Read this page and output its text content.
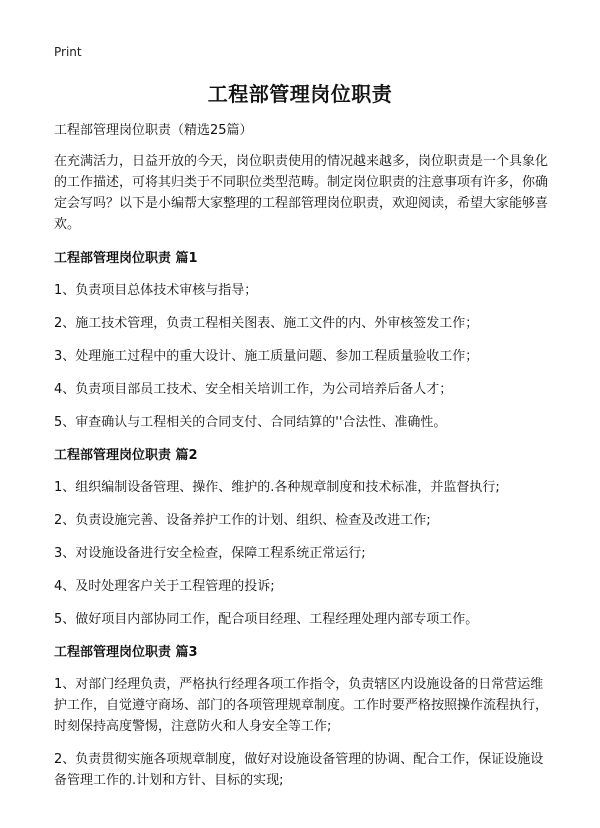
Print
工程部管理岗位职责
工程部管理岗位职责（精选25篇）
在充满活力，日益开放的今天，岗位职责使用的情况越来越多，岗位职责是一个具象化的工作描述，可将其归类于不同职位类型范畴。制定岗位职责的注意事项有许多，你确定会写吗？以下是小编帮大家整理的工程部管理岗位职责，欢迎阅读，希望大家能够喜欢。
工程部管理岗位职责 篇1
1、负责项目总体技术审核与指导；
2、施工技术管理，负责工程相关图表、施工文件的内、外审核签发工作；
3、处理施工过程中的重大设计、施工质量问题、参加工程质量验收工作；
4、负责项目部员工技术、安全相关培训工作，为公司培养后备人才；
5、审查确认与工程相关的合同支付、合同结算的''合法性、准确性。
工程部管理岗位职责 篇2
1、组织编制设备管理、操作、维护的.各种规章制度和技术标准，并监督执行;
2、负责设施完善、设备养护工作的计划、组织、检查及改进工作;
3、对设施设备进行安全检查，保障工程系统正常运行;
4、及时处理客户关于工程管理的投诉;
5、做好项目内部协同工作，配合项目经理、工程经理处理内部专项工作。
工程部管理岗位职责 篇3
1、对部门经理负责，严格执行经理各项工作指令，负责辖区内设施设备的日常营运维护工作，自觉遵守商场、部门的各项管理规章制度。工作时要严格按照操作流程执行，时刻保持高度警惕，注意防火和人身安全等工作;
2、负责贯彻实施各项规章制度，做好对设施设备管理的协调、配合工作，保证设施设备管理工作的.计划和方针、目标的实现;
